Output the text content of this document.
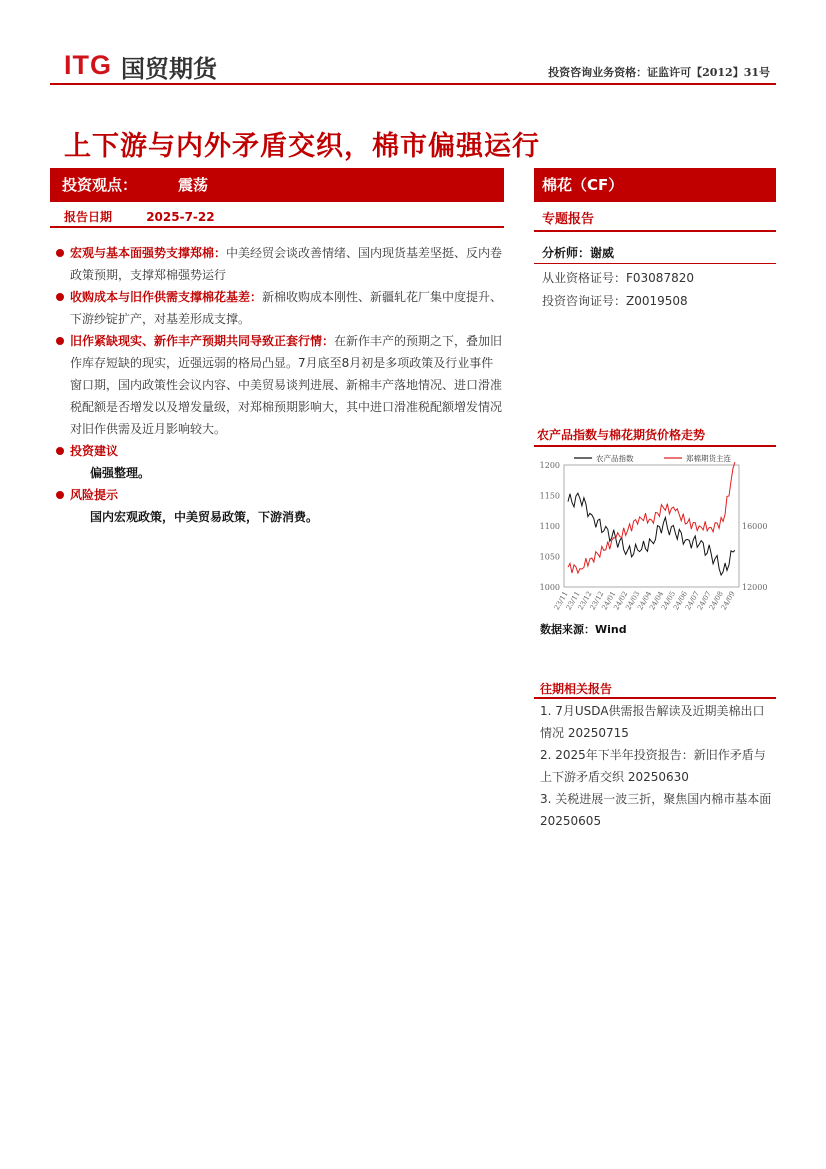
ITG 国贸期货	投资咨询业务资格：证监许可【2012】31号
上下游与内外矛盾交织，棉市偏强运行
投资观点：	震荡
报告日期	2025-7-22
棉花（CF）
专题报告
分析师：谢威
从业资格证号：F03087820
投资咨询证号：Z0019508
宏观与基本面强势支撑郑棉：中美经贸会谈改善情绪、国内现货基差坚挺、反内卷政策预期，支撑郑棉强势运行
收购成本与旧作供需支撑棉花基差：新棉收购成本刚性、新疆轧花厂集中度提升、下游纱锭扩产，对基差形成支撑。
旧作紧缺现实、新作丰产预期共同导致正套行情：在新作丰产的预期之下，叠加旧作库存短缺的现实，近强远弱的格局凸显。7月底至8月初是多项政策及行业事件窗口期，国内政策性会议内容、中美贸易谈判进展、新棉丰产落地情况、进口滑准税配额是否增发以及增发量级，对郑棉预期影响大，其中进口滑准税配额增发情况对旧作供需及近月影响较大。
投资建议
偏强整理。
风险提示
国内宏观政策，中美贸易政策，下游消费。
农产品指数与棉花期货价格走势
1000
1050
1100
1150
1200
12000
16000
23/11
23/11
23/12
23/12
24/01
24/02
24/03
24/04
24/04
24/05
24/06
24/07
24/07
24/08
24/09
农产品指数	郑棉期货主连
数据来源：Wind
往期相关报告
1. 7月USDA供需报告解读及近期美棉出口情况 20250715
2. 2025年下半年投资报告：新旧作矛盾与上下游矛盾交织 20250630
3. 关税进展一波三折，聚焦国内棉市基本面 20250605
